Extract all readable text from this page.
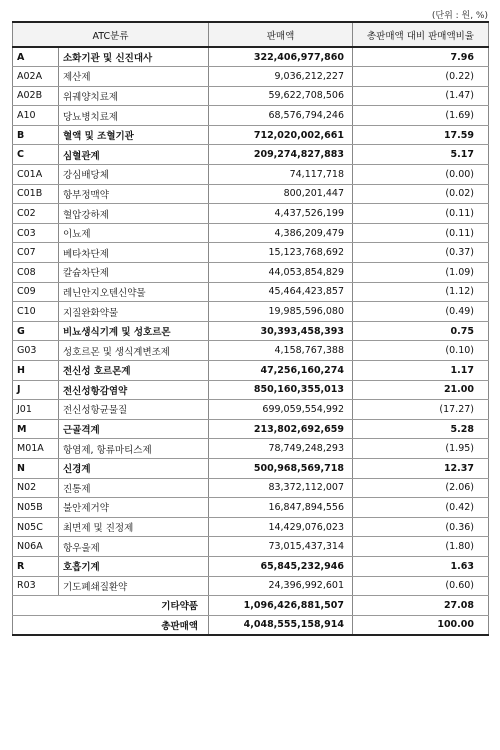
(단위 : 원, %)
ATC분류		판매액	총판매액 대비 판매액비율
A	소화기관 및 신진대사	322,406,977,860	7.96
A02A	제산제	9,036,212,227	(0.22)
A02B	위궤양치료제	59,622,708,506	(1.47)
A10	당뇨병치료제	68,576,794,246	(1.69)
B	혈액 및 조혈기관	712,020,002,661	17.59
C	심혈관계	209,274,827,883	5.17
C01A	강심배당체	74,117,718	(0.00)
C01B	항부정맥약	800,201,447	(0.02)
C02	혈압강하제	4,437,526,199	(0.11)
C03	이뇨제	4,386,209,479	(0.11)
C07	베타차단제	15,123,768,692	(0.37)
C08	칼슘차단제	44,053,854,829	(1.09)
C09	레닌안지오텐신약물	45,464,423,857	(1.12)
C10	지질완화약물	19,985,596,080	(0.49)
G	비뇨생식기계 및 성호르몬	30,393,458,393	0.75
G03	성호르몬 및 생식계변조제	4,158,767,388	(0.10)
H	전신성 호르몬계	47,256,160,274	1.17
J	전신성항감염약	850,160,355,013	21.00
J01	전신성항균물질	699,059,554,992	(17.27)
M	근골격계	213,802,692,659	5.28
M01A	항염제, 항류마티스제	78,749,248,293	(1.95)
N	신경계	500,968,569,718	12.37
N02	진통제	83,372,112,007	(2.06)
N05B	불안제거약	16,847,894,556	(0.42)
N05C	최면제 및 진정제	14,429,076,023	(0.36)
N06A	항우울제	73,015,437,314	(1.80)
R	호흡기계	65,845,232,946	1.63
R03	기도폐쇄질환약	24,396,992,601	(0.60)
기타약품		1,096,426,881,507	27.08
총판매액		4,048,555,158,914	100.00
